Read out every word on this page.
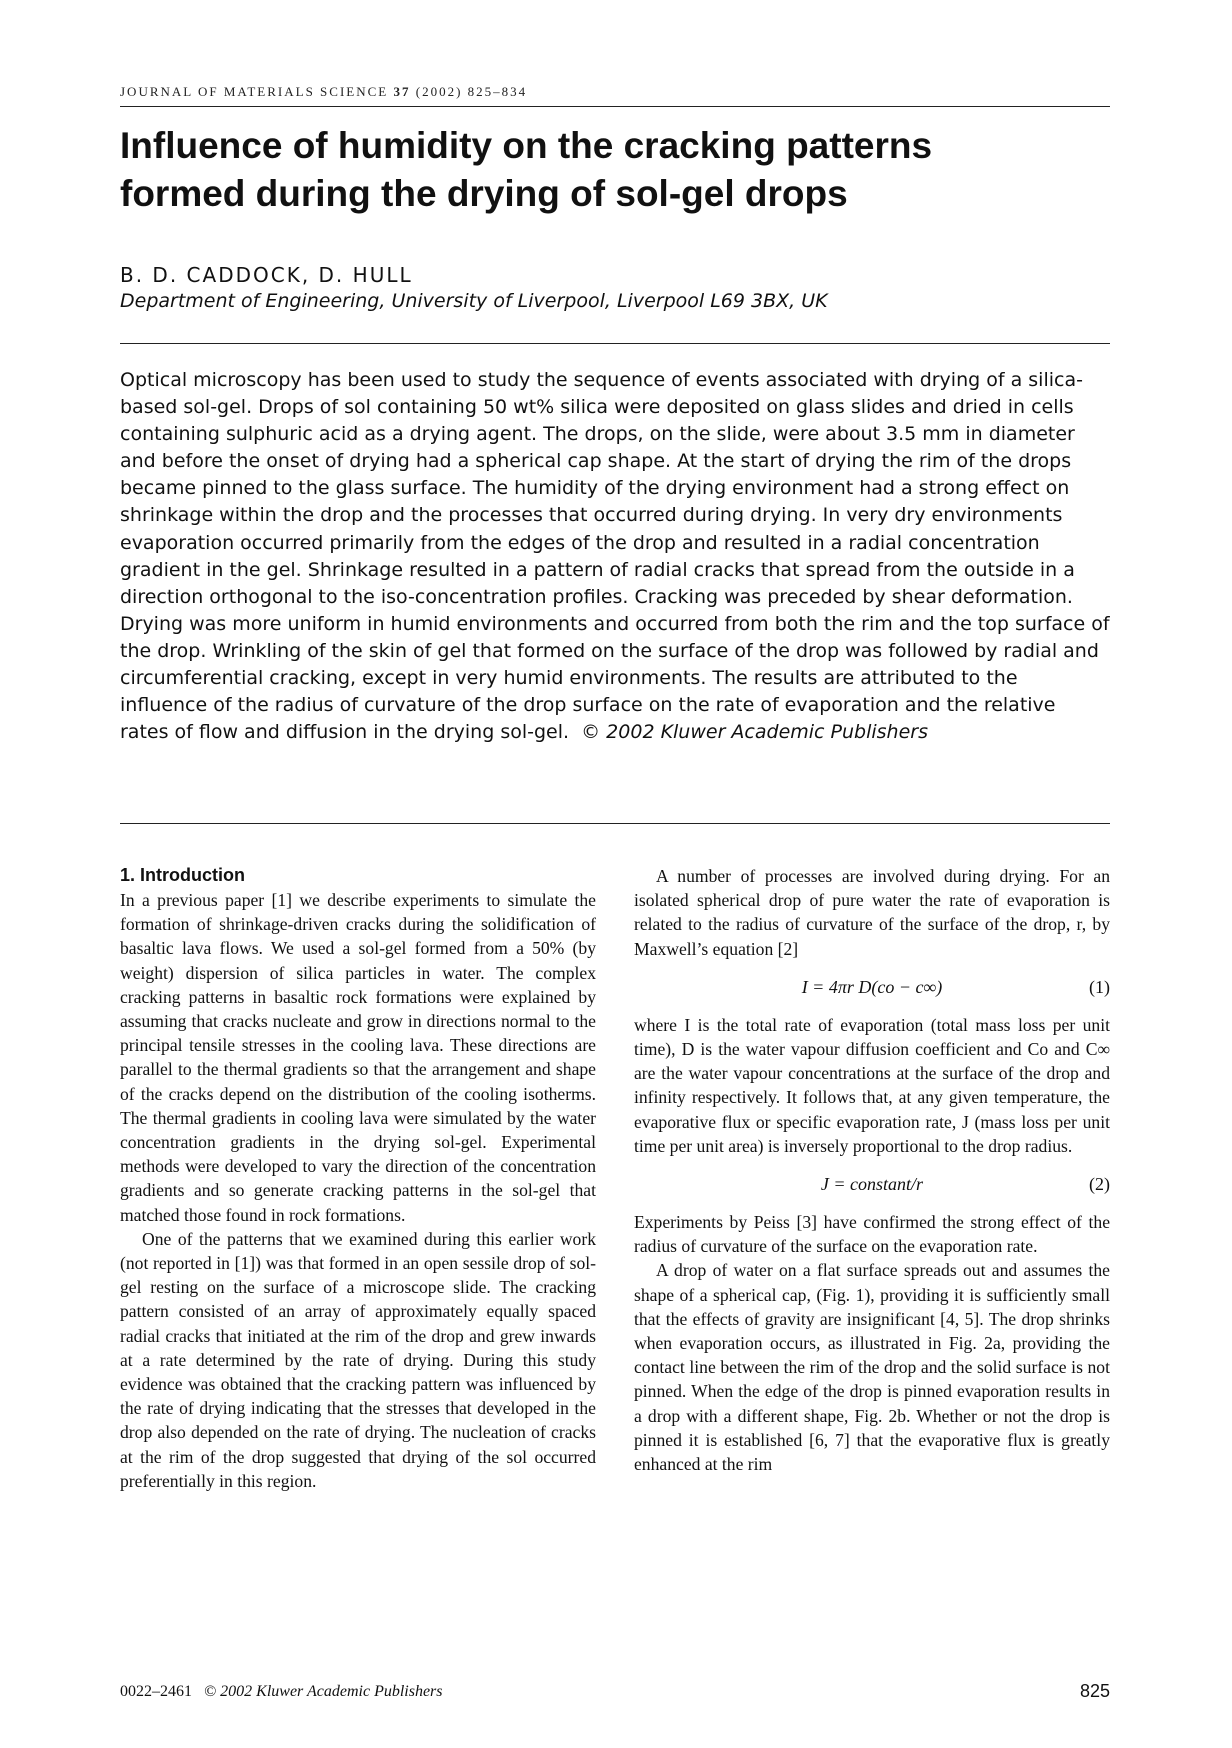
JOURNAL OF MATERIALS SCIENCE 37 (2002) 825–834
Influence of humidity on the cracking patterns
formed during the drying of sol-gel drops
B. D. CADDOCK, D. HULL
Department of Engineering, University of Liverpool, Liverpool L69 3BX, UK

Optical microscopy has been used to study the sequence of events associated with drying of a silica-based sol-gel. Drops of sol containing 50 wt% silica were deposited on glass slides and dried in cells containing sulphuric acid as a drying agent. The drops, on the slide, were about 3.5 mm in diameter and before the onset of drying had a spherical cap shape. At the start of drying the rim of the drops became pinned to the glass surface. The humidity of the drying environment had a strong effect on shrinkage within the drop and the processes that occurred during drying. In very dry environments evaporation occurred primarily from the edges of the drop and resulted in a radial concentration gradient in the gel. Shrinkage resulted in a pattern of radial cracks that spread from the outside in a direction orthogonal to the iso-concentration profiles. Cracking was preceded by shear deformation. Drying was more uniform in humid environments and occurred from both the rim and the top surface of the drop. Wrinkling of the skin of gel that formed on the surface of the drop was followed by radial and circumferential cracking, except in very humid environments. The results are attributed to the influence of the radius of curvature of the drop surface on the rate of evaporation and the relative rates of flow and diffusion in the drying sol-gel. © 2002 Kluwer Academic Publishers

1. Introduction

In a previous paper [1] we describe experiments to simulate the formation of shrinkage-driven cracks during the solidification of basaltic lava flows. We used a sol-gel formed from a 50% (by weight) dispersion of silica particles in water. The complex cracking patterns in basaltic rock formations were explained by assuming that cracks nucleate and grow in directions normal to the principal tensile stresses in the cooling lava. These directions are parallel to the thermal gradients so that the arrangement and shape of the cracks depend on the distribution of the cooling isotherms. The thermal gradients in cooling lava were simulated by the water concentration gradients in the drying sol-gel. Experimental methods were developed to vary the direction of the concentration gradients and so generate cracking patterns in the sol-gel that matched those found in rock formations.

One of the patterns that we examined during this earlier work (not reported in [1]) was that formed in an open sessile drop of sol-gel resting on the surface of a microscope slide. The cracking pattern consisted of an array of approximately equally spaced radial cracks that initiated at the rim of the drop and grew inwards at a rate determined by the rate of drying. During this study evidence was obtained that the cracking pattern was influenced by the rate of drying indicating that the stresses that developed in the drop also depended on the rate of drying. The nucleation of cracks at the rim of the drop suggested that drying of the sol occurred preferentially in this region.

A number of processes are involved during drying. For an isolated spherical drop of pure water the rate of evaporation is related to the radius of curvature of the surface of the drop, r, by Maxwell’s equation [2]

I = 4πr D(co − c∞)	(1)

where I is the total rate of evaporation (total mass loss per unit time), D is the water vapour diffusion coefficient and Co and C∞ are the water vapour concentrations at the surface of the drop and infinity respectively. It follows that, at any given temperature, the evaporative flux or specific evaporation rate, J (mass loss per unit time per unit area) is inversely proportional to the drop radius.

J = constant/r	(2)

Experiments by Peiss [3] have confirmed the strong effect of the radius of curvature of the surface on the evaporation rate.

A drop of water on a flat surface spreads out and assumes the shape of a spherical cap, (Fig. 1), providing it is sufficiently small that the effects of gravity are insignificant [4, 5]. The drop shrinks when evaporation occurs, as illustrated in Fig. 2a, providing the contact line between the rim of the drop and the solid surface is not pinned. When the edge of the drop is pinned evaporation results in a drop with a different shape, Fig. 2b. Whether or not the drop is pinned it is established [6, 7] that the evaporative flux is greatly enhanced at the rim

0022–2461 © 2002 Kluwer Academic Publishers	825
